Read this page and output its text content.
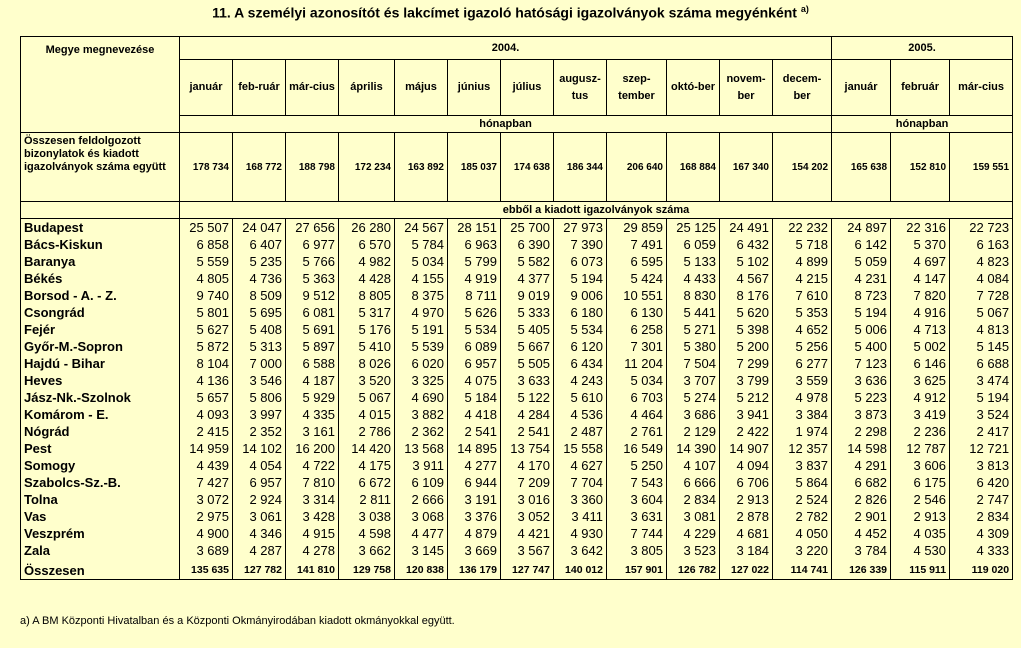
11. A személyi azonosítót és lakcímet igazoló hatósági igazolványok száma megyénként $^{a)}$
Megye megnevezése	2004.												2005.		
	január	feb-ruár	már-cius	április	május	június	július	augusz-tus	szep-tember	októ-ber	novem-ber	decem-ber	január	február	már-cius
	hónapban												hónapban		
Összesen feldolgozott bizonylatok és kiadott igazolványok száma együtt	178 734	168 772	188 798	172 234	163 892	185 037	174 638	186 344	206 640	168 884	167 340	154 202	165 638	152 810	159 551
	ebből a kiadott igazolványok száma														
Budapest	25 507	24 047	27 656	26 280	24 567	28 151	25 700	27 973	29 859	25 125	24 491	22 232	24 897	22 316	22 723
Bács-Kiskun	6 858	6 407	6 977	6 570	5 784	6 963	6 390	7 390	7 491	6 059	6 432	5 718	6 142	5 370	6 163
Baranya	5 559	5 235	5 766	4 982	5 034	5 799	5 582	6 073	6 595	5 133	5 102	4 899	5 059	4 697	4 823
Békés	4 805	4 736	5 363	4 428	4 155	4 919	4 377	5 194	5 424	4 433	4 567	4 215	4 231	4 147	4 084
Borsod - A. - Z.	9 740	8 509	9 512	8 805	8 375	8 711	9 019	9 006	10 551	8 830	8 176	7 610	8 723	7 820	7 728
Csongrád	5 801	5 695	6 081	5 317	4 970	5 626	5 333	6 180	6 130	5 441	5 620	5 353	5 194	4 916	5 067
Fejér	5 627	5 408	5 691	5 176	5 191	5 534	5 405	5 534	6 258	5 271	5 398	4 652	5 006	4 713	4 813
Győr-M.-Sopron	5 872	5 313	5 897	5 410	5 539	6 089	5 667	6 120	7 301	5 380	5 200	5 256	5 400	5 002	5 145
Hajdú - Bihar	8 104	7 000	6 588	8 026	6 020	6 957	5 505	6 434	11 204	7 504	7 299	6 277	7 123	6 146	6 688
Heves	4 136	3 546	4 187	3 520	3 325	4 075	3 633	4 243	5 034	3 707	3 799	3 559	3 636	3 625	3 474
Jász-Nk.-Szolnok	5 657	5 806	5 929	5 067	4 690	5 184	5 122	5 610	6 703	5 274	5 212	4 978	5 223	4 912	5 194
Komárom - E.	4 093	3 997	4 335	4 015	3 882	4 418	4 284	4 536	4 464	3 686	3 941	3 384	3 873	3 419	3 524
Nógrád	2 415	2 352	3 161	2 786	2 362	2 541	2 541	2 487	2 761	2 129	2 422	1 974	2 298	2 236	2 417
Pest	14 959	14 102	16 200	14 420	13 568	14 895	13 754	15 558	16 549	14 390	14 907	12 357	14 598	12 787	12 721
Somogy	4 439	4 054	4 722	4 175	3 911	4 277	4 170	4 627	5 250	4 107	4 094	3 837	4 291	3 606	3 813
Szabolcs-Sz.-B.	7 427	6 957	7 810	6 672	6 109	6 944	7 209	7 704	7 543	6 666	6 706	5 864	6 682	6 175	6 420
Tolna	3 072	2 924	3 314	2 811	2 666	3 191	3 016	3 360	3 604	2 834	2 913	2 524	2 826	2 546	2 747
Vas	2 975	3 061	3 428	3 038	3 068	3 376	3 052	3 411	3 631	3 081	2 878	2 782	2 901	2 913	2 834
Veszprém	4 900	4 346	4 915	4 598	4 477	4 879	4 421	4 930	7 744	4 229	4 681	4 050	4 452	4 035	4 309
Zala	3 689	4 287	4 278	3 662	3 145	3 669	3 567	3 642	3 805	3 523	3 184	3 220	3 784	4 530	4 333
Összesen	135 635	127 782	141 810	129 758	120 838	136 179	127 747	140 012	157 901	126 782	127 022	114 741	126 339	115 911	119 020
a) A BM Központi Hivatalban és a Központi Okmányirodában kiadott okmányokkal együtt.
